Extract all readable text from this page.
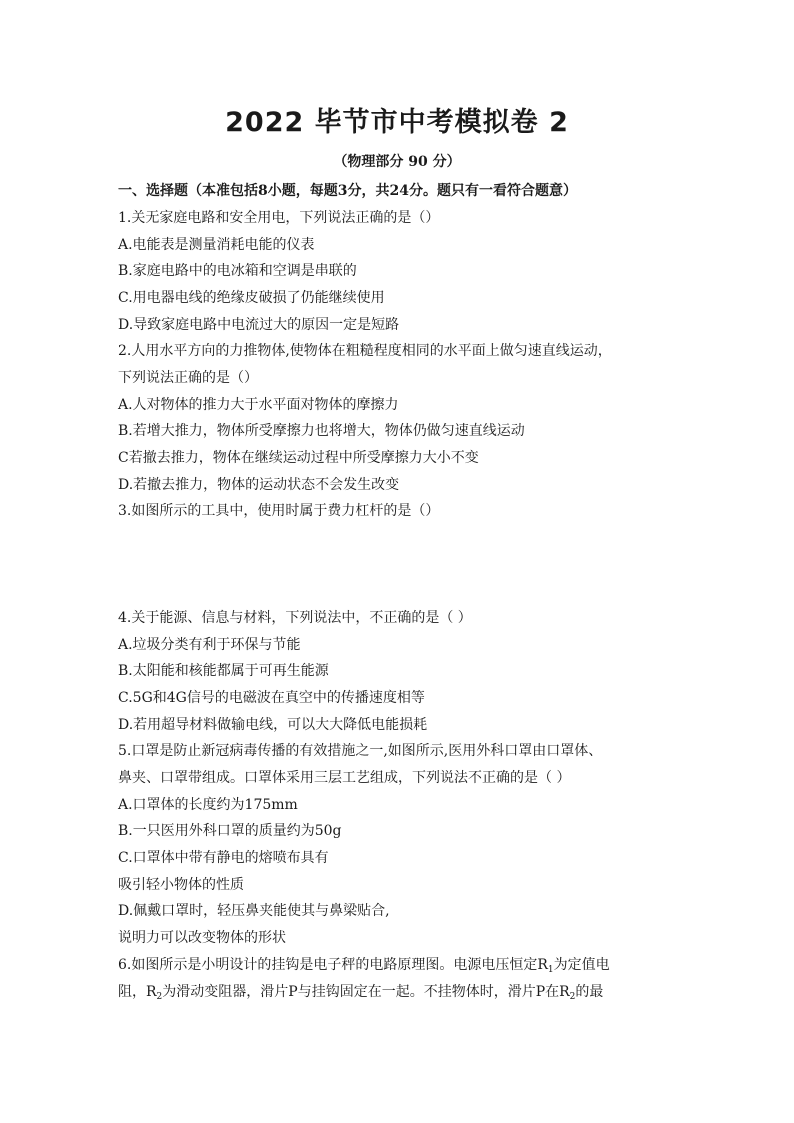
2022 毕节市中考模拟卷 2
（物理部分 90 分）
一、选择题（本准包括8小题，每题3分，共24分。题只有一看符合题意）
1.关无家庭电路和安全用电，下列说法正确的是（）
A.电能表是测量消耗电能的仪表
B.家庭电路中的电冰箱和空调是串联的
C.用电器电线的绝缘皮破损了仍能继续使用
D.导致家庭电路中电流过大的原因一定是短路
2.人用水平方向的力推物体,使物体在粗糙程度相同的水平面上做匀速直线运动，
下列说法正确的是（）
A.人对物体的推力大于水平面对物体的摩擦力
B.若增大推力，物体所受摩擦力也将增大，物体仍做匀速直线运动
C若撤去推力，物体在继续运动过程中所受摩擦力大小不变
D.若撤去推力，物体的运动状态不会发生改变
3.如图所示的工具中，使用时属于费力杠杆的是（）
4.关于能源、信息与材料，下列说法中，不正确的是（ ）
A.垃圾分类有利于环保与节能
B.太阳能和核能都属于可再生能源
C.5G和4G信号的电磁波在真空中的传播速度相等
D.若用超导材料做输电线，可以大大降低电能损耗
5.口罩是防止新冠病毒传播的有效措施之一,如图所示,医用外科口罩由口罩体、
鼻夹、口罩带组成。口罩体采用三层工艺组成，下列说法不正确的是（ ）
A.口罩体的长度约为175mm
B.一只医用外科口罩的质量约为50g
C.口罩体中带有静电的熔喷布具有
吸引轻小物体的性质
D.佩戴口罩时，轻压鼻夹能使其与鼻梁贴合,
说明力可以改变物体的形状
6.如图所示是小明设计的挂钩是电子秤的电路原理图。电源电压恒定$R_1$为定值电
阻，$R_2$为滑动变阻器，滑片P与挂钩固定在一起。不挂物体时，滑片P在$R_2$的最
